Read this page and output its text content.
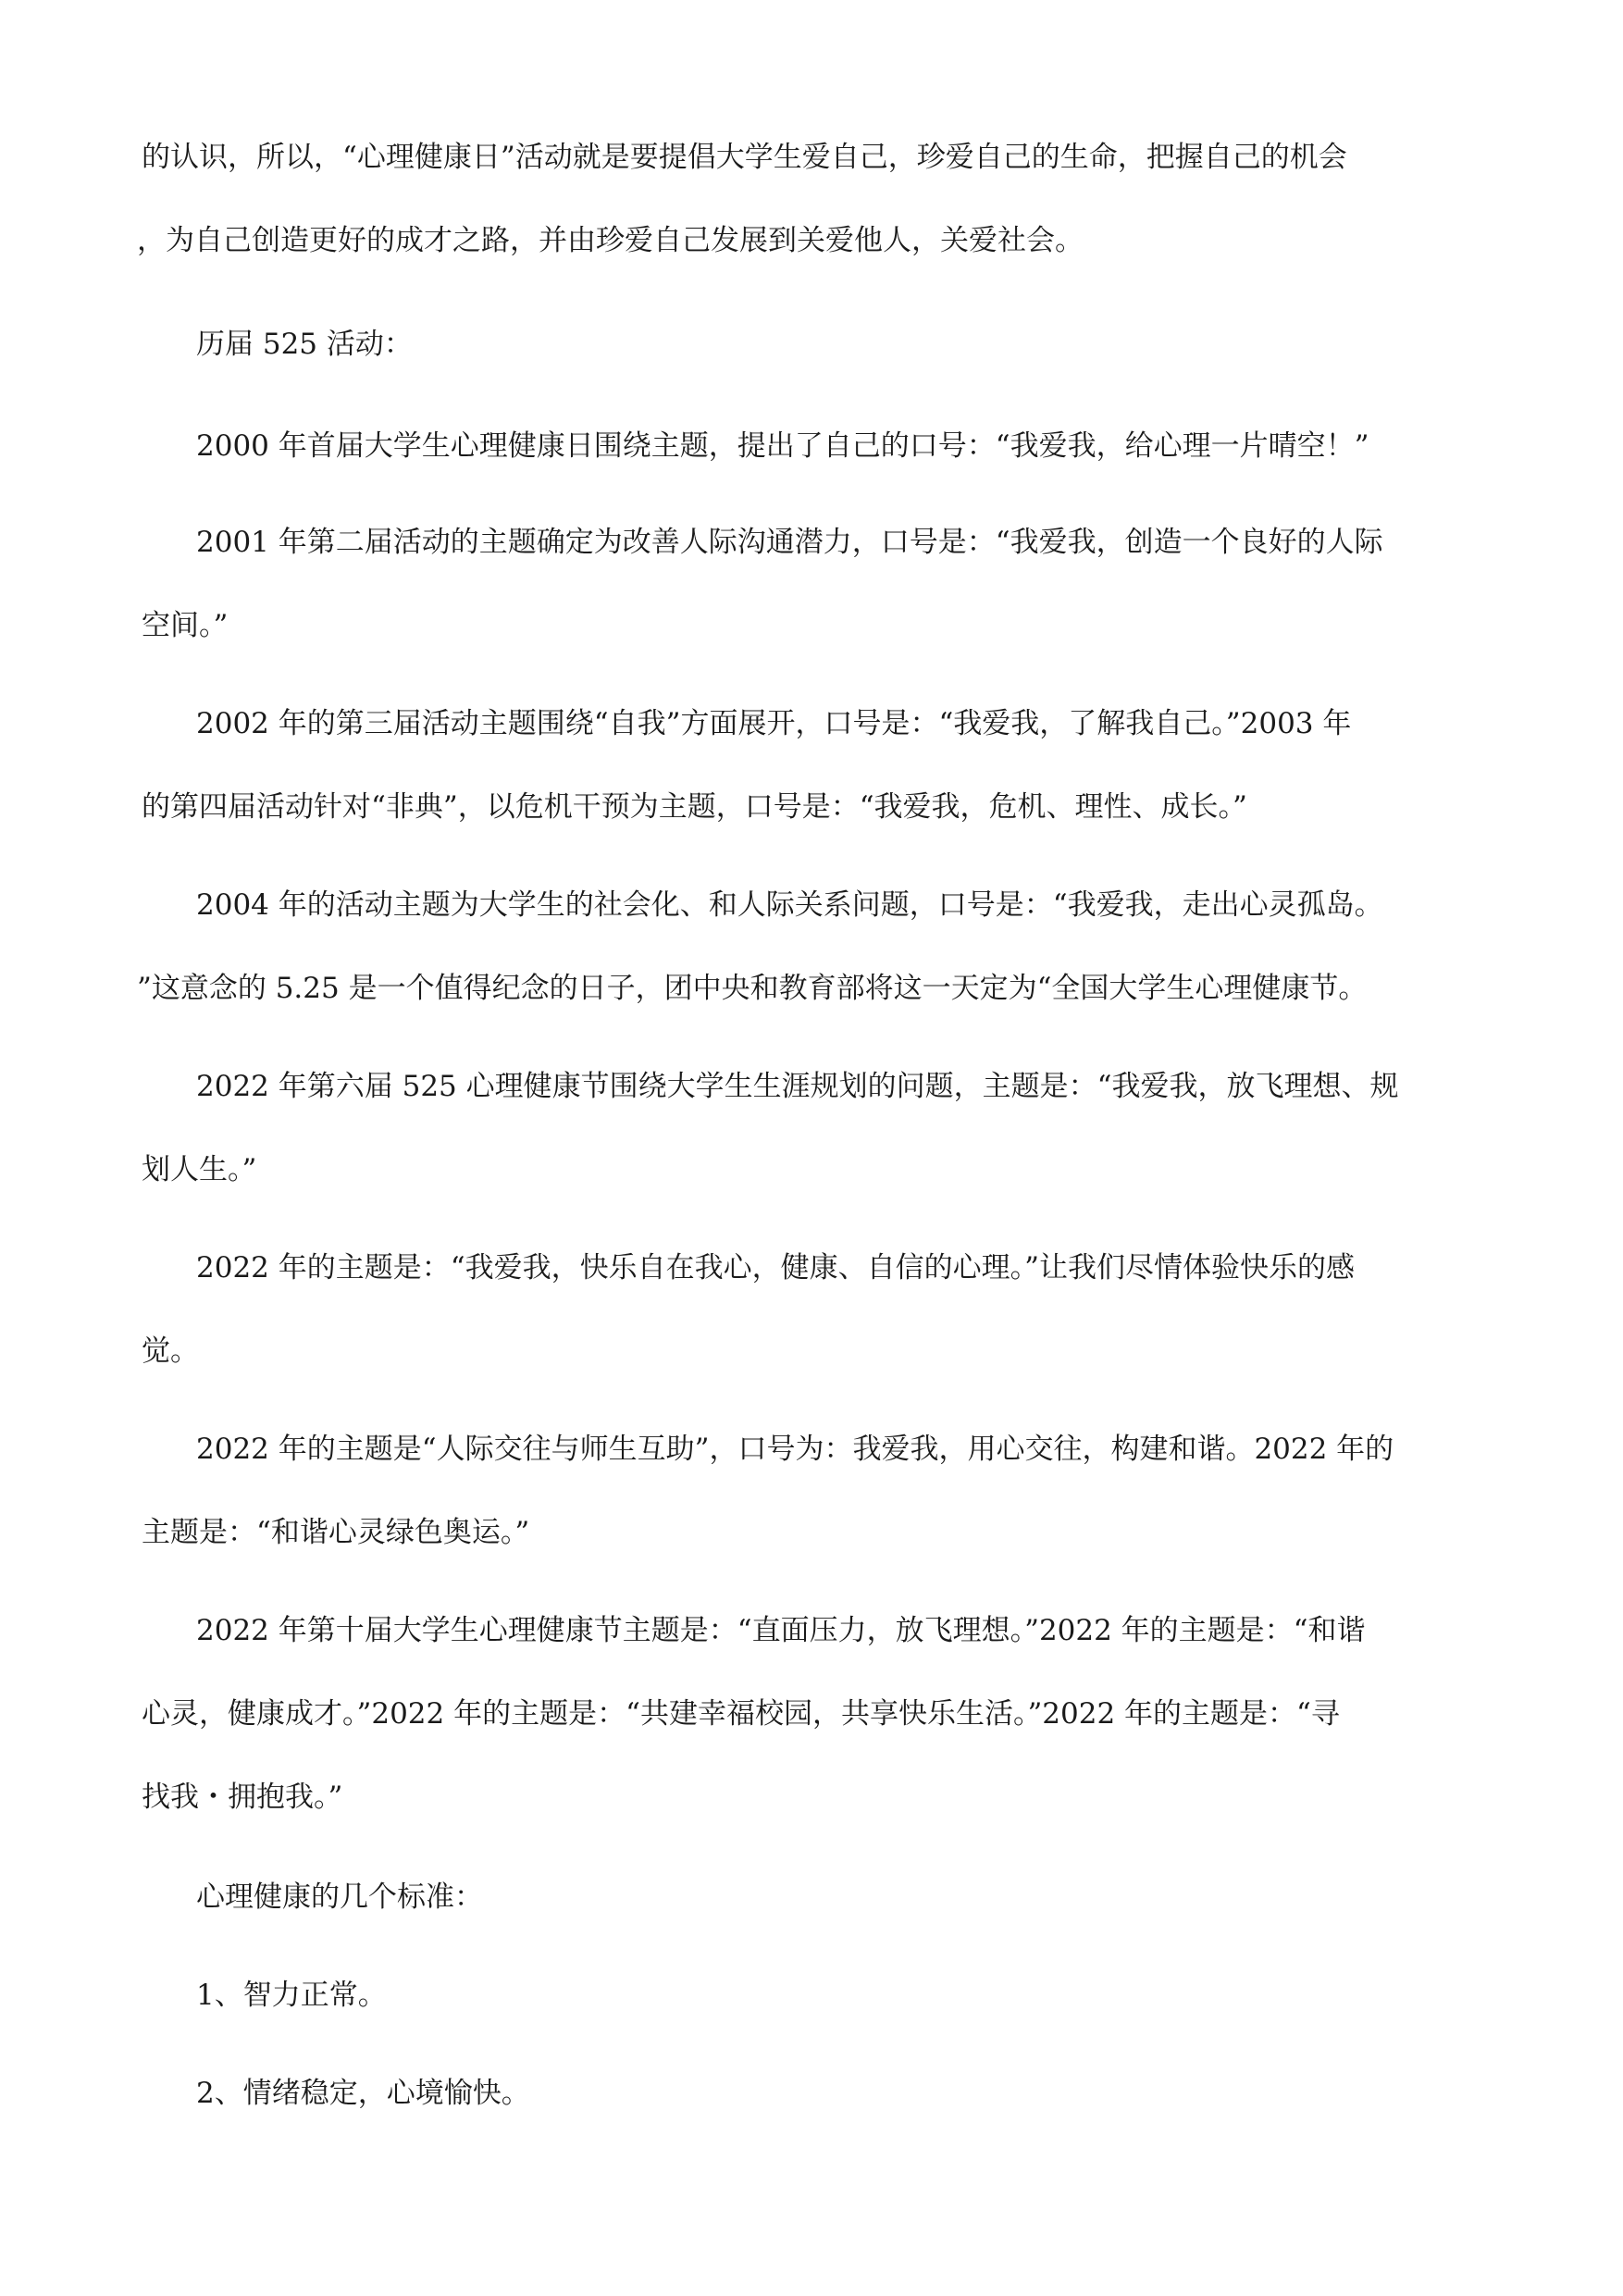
的认识，所以，“心理健康日”活动就是要提倡大学生爱自己，珍爱自己的生命，把握自己的机会
，为自己创造更好的成才之路，并由珍爱自己发展到关爱他人，关爱社会。
历届 525 活动：
2000 年首届大学生心理健康日围绕主题，提出了自己的口号：“我爱我，给心理一片晴空！”
2001 年第二届活动的主题确定为改善人际沟通潜力，口号是：“我爱我，创造一个良好的人际
空间。”
2002 年的第三届活动主题围绕“自我”方面展开，口号是：“我爱我，了解我自己。”2003 年
的第四届活动针对“非典”，以危机干预为主题，口号是：“我爱我，危机、理性、成长。”
2004 年的活动主题为大学生的社会化、和人际关系问题，口号是：“我爱我，走出心灵孤岛。
”这意念的 5.25 是一个值得纪念的日子，团中央和教育部将这一天定为“全国大学生心理健康节。
2022 年第六届 525 心理健康节围绕大学生生涯规划的问题，主题是：“我爱我，放飞理想、规
划人生。”
2022 年的主题是：“我爱我，快乐自在我心，健康、自信的心理。”让我们尽情体验快乐的感
觉。
2022 年的主题是“人际交往与师生互助”，口号为：我爱我，用心交往，构建和谐。2022 年的
主题是：“和谐心灵绿色奥运。”
2022 年第十届大学生心理健康节主题是：“直面压力，放飞理想。”2022 年的主题是：“和谐
心灵，健康成才。”2022 年的主题是：“共建幸福校园，共享快乐生活。”2022 年的主题是：“寻
找我・拥抱我。”
心理健康的几个标准：
1、智力正常。
2、情绪稳定，心境愉快。
